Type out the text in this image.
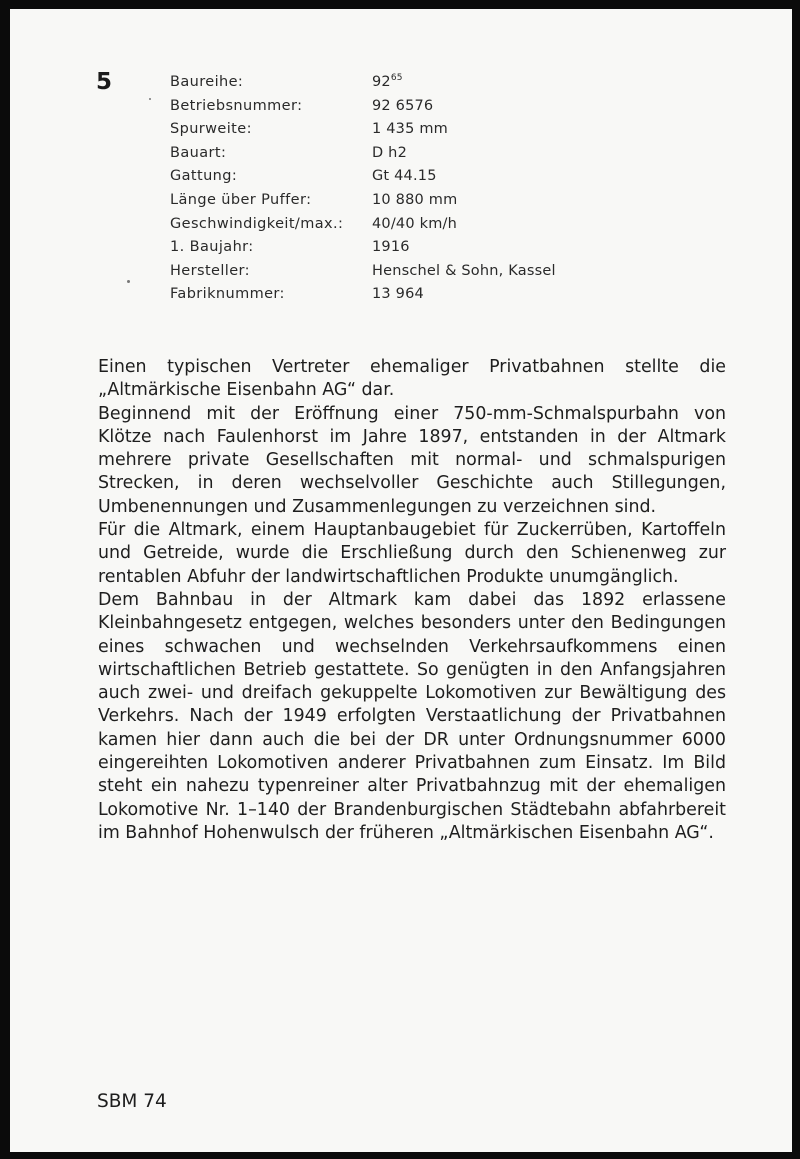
5	Baureihe:	$92^{65}$
Betriebsnummer:	92 6576
Spurweite:	1 435 mm
Bauart:	D h2
Gattung:	Gt 44.15
Länge über Puffer:	10 880 mm
Geschwindigkeit/max.:	40/40 km/h
1. Baujahr:	1916
Hersteller:	Henschel & Sohn, Kassel
Fabriknummer:	13 964

Einen typischen Vertreter ehemaliger Privatbahnen stellte die „Altmärkische Eisenbahn AG“ dar.

Beginnend mit der Eröffnung einer 750-mm-Schmalspurbahn von Klötze nach Faulenhorst im Jahre 1897, entstanden in der Altmark mehrere private Gesellschaften mit normal- und schmalspurigen Strecken, in deren wechselvoller Geschichte auch Stillegungen, Umbenennungen und Zusammenlegungen zu verzeichnen sind.

Für die Altmark, einem Hauptanbaugebiet für Zuckerrüben, Kartoffeln und Getreide, wurde die Erschließung durch den Schienenweg zur rentablen Abfuhr der landwirtschaftlichen Produkte unumgänglich.

Dem Bahnbau in der Altmark kam dabei das 1892 erlassene Kleinbahngesetz entgegen, welches besonders unter den Bedingungen eines schwachen und wechselnden Verkehrsaufkommens einen wirtschaftlichen Betrieb gestattete. So genügten in den Anfangsjahren auch zwei- und dreifach gekuppelte Lokomotiven zur Bewältigung des Verkehrs. Nach der 1949 erfolgten Verstaatlichung der Privatbahnen kamen hier dann auch die bei der DR unter Ordnungsnummer 6000 eingereihten Lokomotiven anderer Privatbahnen zum Einsatz. Im Bild steht ein nahezu typenreiner alter Privatbahnzug mit der ehemaligen Lokomotive Nr. 1–140 der Brandenburgischen Städtebahn abfahrbereit im Bahnhof Hohenwulsch der früheren „Altmärkischen Eisenbahn AG“.

SBM 74
